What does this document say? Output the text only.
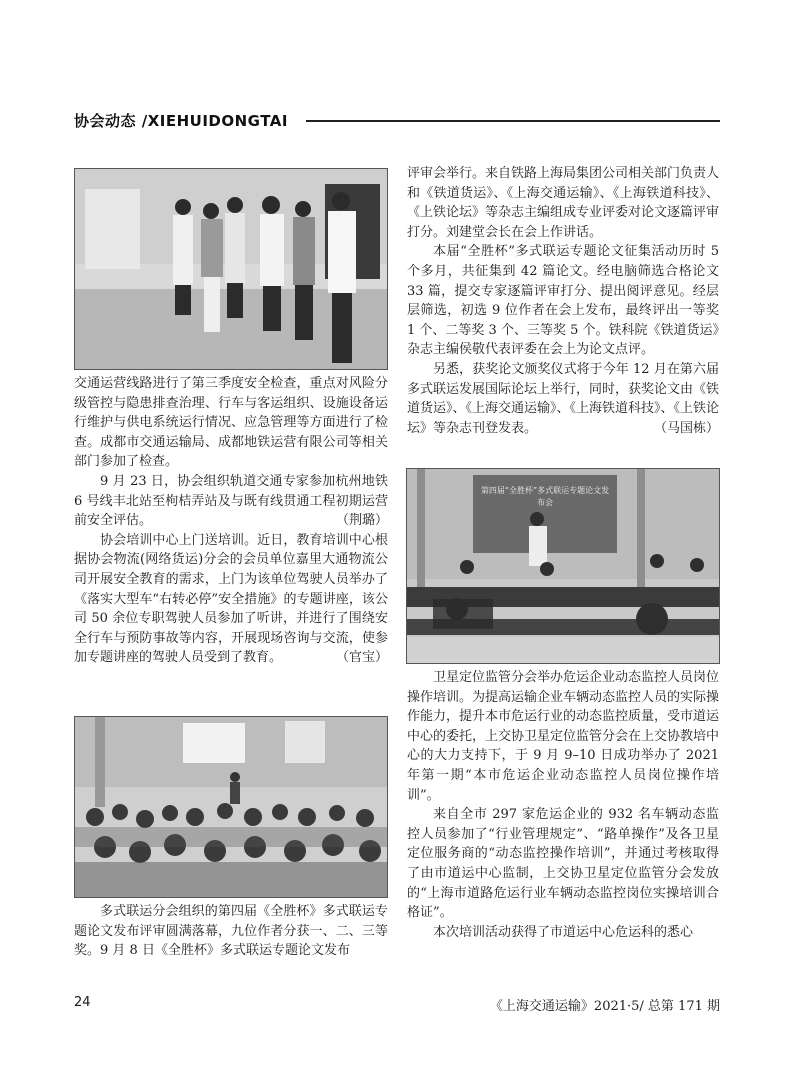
协会动态 /XIEHUIDONGTAI

交通运营线路进行了第三季度安全检查，重点对风险分级管控与隐患排查治理、行车与客运组织、设施设备运行维护与供电系统运行情况、应急管理等方面进行了检查。成都市交通运输局、成都地铁运营有限公司等相关部门参加了检查。

9 月 23 日，协会组织轨道交通专家参加杭州地铁 6 号线丰北站至枸桔弄站及与既有线贯通工程初期运营前安全评估。	（荆璐）

协会培训中心上门送培训。近日，教育培训中心根据协会物流(网络货运)分会的会员单位嘉里大通物流公司开展安全教育的需求，上门为该单位驾驶人员举办了《落实大型车“右转必停”安全措施》的专题讲座，该公司 50 余位专职驾驶人员参加了听讲，并进行了围绕安全行车与预防事故等内容，开展现场咨询与交流，使参加专题讲座的驾驶人员受到了教育。	（官宝）

多式联运分会组织的第四届《全胜杯》多式联运专题论文发布评审圆满落幕，九位作者分获一、二、三等奖。9 月 8 日《全胜杯》多式联运专题论文发布

评审会举行。来自铁路上海局集团公司相关部门负责人和《铁道货运》、《上海交通运输》、《上海铁道科技》、《上铁论坛》等杂志主编组成专业评委对论文逐篇评审打分。刘建堂会长在会上作讲话。

本届“全胜杯”多式联运专题论文征集活动历时 5 个多月，共征集到 42 篇论文。经电脑筛选合格论文 33 篇，提交专家逐篇评审打分、提出阅评意见。经层层筛选，初选 9 位作者在会上发布，最终评出一等奖 1 个、二等奖 3 个、三等奖 5 个。铁科院《铁道货运》杂志主编侯敬代表评委在会上为论文点评。

另悉，获奖论文颁奖仪式将于今年 12 月在第六届多式联运发展国际论坛上举行，同时，获奖论文由《铁道货运》、《上海交通运输》、《上海铁道科技》、《上铁论坛》等杂志刊登发表。	（马国栋）

第四届“全胜杯”多式联运专题论文发布会

卫星定位监管分会举办危运企业动态监控人员岗位操作培训。为提高运输企业车辆动态监控人员的实际操作能力，提升本市危运行业的动态监控质量，受市道运中心的委托，上交协卫星定位监管分会在上交协教培中心的大力支持下，于 9 月 9–10 日成功举办了 2021 年第一期“本市危运企业动态监控人员岗位操作培训”。

来自全市 297 家危运企业的 932 名车辆动态监控人员参加了“行业管理规定”、“路单操作”及各卫星定位服务商的“动态监控操作培训”，并通过考核取得了由市道运中心监制，上交协卫星定位监管分会发放的“上海市道路危运行业车辆动态监控岗位实操培训合格证”。

本次培训活动获得了市道运中心危运科的悉心

24	《上海交通运输》2021·5/ 总第 171 期
